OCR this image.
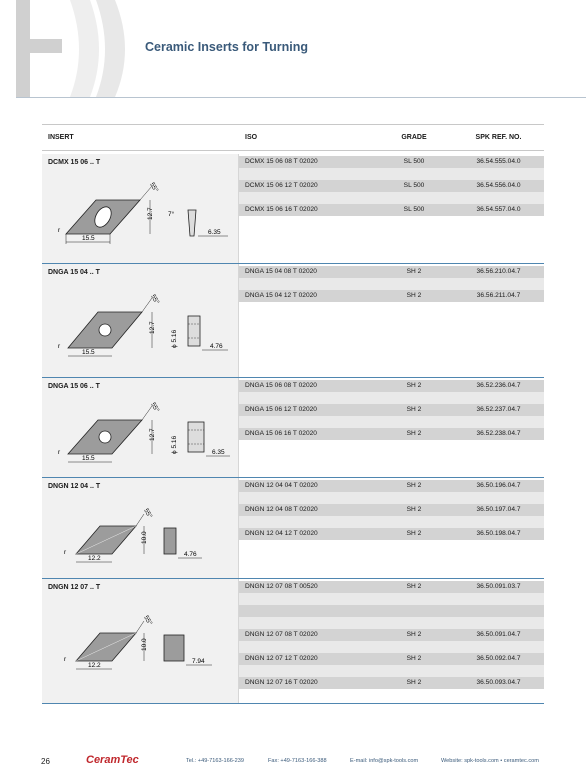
Ceramic Inserts for Turning
INSERT	ISO	GRADE	SPK REF. NO.
DCMX 15 06 .. T
15.5
12.7
55°
r	6.35
7°
DCMX 15 06 08 T 02020	SL 500	36.54.555.04.0
DCMX 15 06 12 T 02020	SL 500	36.54.556.04.0
DCMX 15 06 16 T 02020	SL 500	36.54.557.04.0
DNGA 15 04 .. T
15.5
12.7
55°
r	ϕ 5.16	4.76
DNGA 15 04 08 T 02020	SH 2	36.56.210.04.7
DNGA 15 04 12 T 02020	SH 2	36.56.211.04.7
DNGA 15 06 .. T
15.5
12.7
55°
r	ϕ 5.16	6.35
DNGA 15 06 08 T 02020	SH 2	36.52.236.04.7
DNGA 15 06 12 T 02020	SH 2	36.52.237.04.7
DNGA 15 06 16 T 02020	SH 2	36.52.238.04.7
DNGN 12 04 .. T
12.2
10.0
55°
r	4.76
DNGN 12 04 04 T 02020	SH 2	36.50.196.04.7
DNGN 12 04 08 T 02020	SH 2	36.50.197.04.7
DNGN 12 04 12 T 02020	SH 2	36.50.198.04.7
DNGN 12 07 .. T
12.2
10.0
55°
r	7.94
DNGN 12 07 08 T 00520	SH 2	36.50.091.03.7
DNGN 12 07 08 T 02020	SH 2	36.50.091.04.7
DNGN 12 07 12 T 02020	SH 2	36.50.092.04.7
DNGN 12 07 16 T 02020	SH 2	36.50.093.04.7
26	CeramTec	Tel.: +49-7163-166-239	Fax: +49-7163-166-388	E-mail: info@spk-tools.com	Website: spk-tools.com • ceramtec.com
